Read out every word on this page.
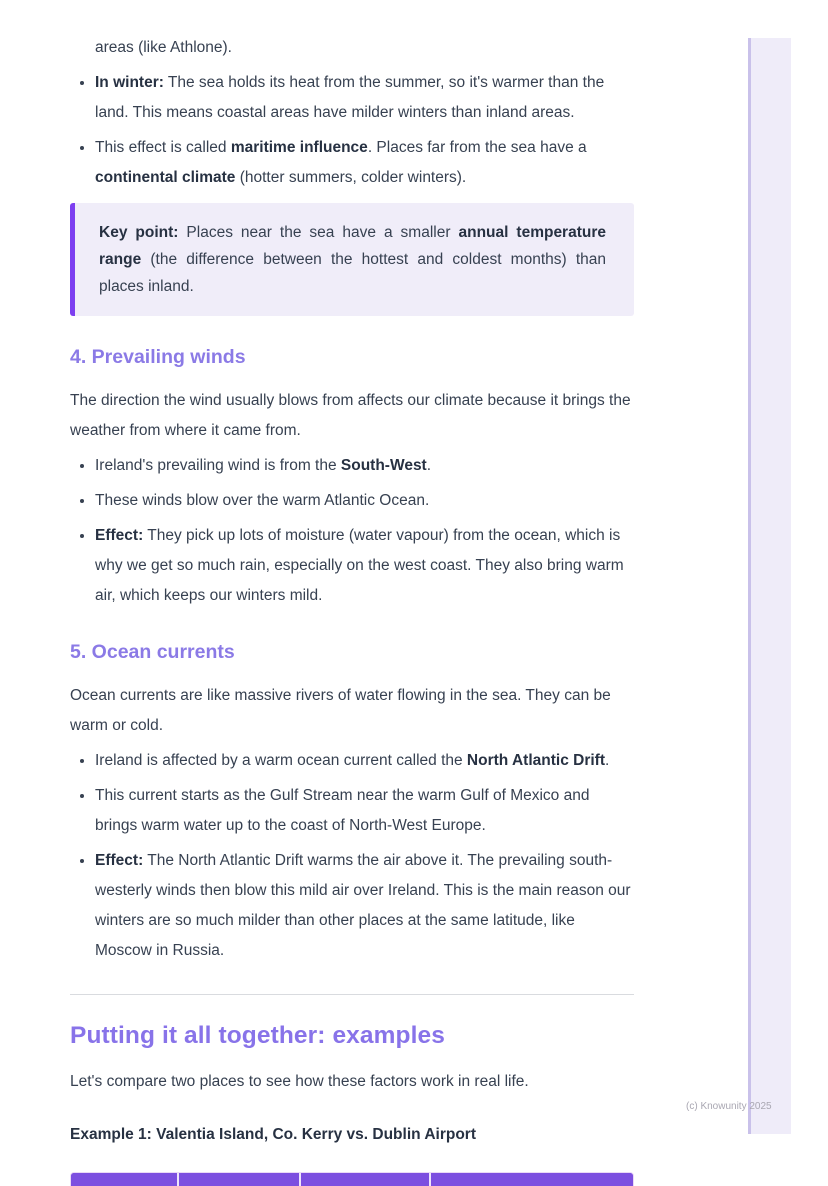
areas (like Athlone).

• In winter: The sea holds its heat from the summer, so it's warmer than the land. This means coastal areas have milder winters than inland areas.
• This effect is called maritime influence. Places far from the sea have a continental climate (hotter summers, colder winters).
Key point: Places near the sea have a smaller annual temperature range (the difference between the hottest and coldest months) than places inland.
4. Prevailing winds

The direction the wind usually blows from affects our climate because it brings the weather from where it came from.

• Ireland's prevailing wind is from the South-West.
• These winds blow over the warm Atlantic Ocean.
• Effect: They pick up lots of moisture (water vapour) from the ocean, which is why we get so much rain, especially on the west coast. They also bring warm air, which keeps our winters mild.
5. Ocean currents

Ocean currents are like massive rivers of water flowing in the sea. They can be warm or cold.

• Ireland is affected by a warm ocean current called the North Atlantic Drift.
• This current starts as the Gulf Stream near the warm Gulf of Mexico and brings warm water up to the coast of North-West Europe.
• Effect: The North Atlantic Drift warms the air above it. The prevailing south-westerly winds then blow this mild air over Ireland. This is the main reason our winters are so much milder than other places at the same latitude, like Moscow in Russia.
Putting it all together: examples

Let's compare two places to see how these factors work in real life.

Example 1: Valentia Island, Co. Kerry vs. Dublin Airport

(c) Knowunity 2025
